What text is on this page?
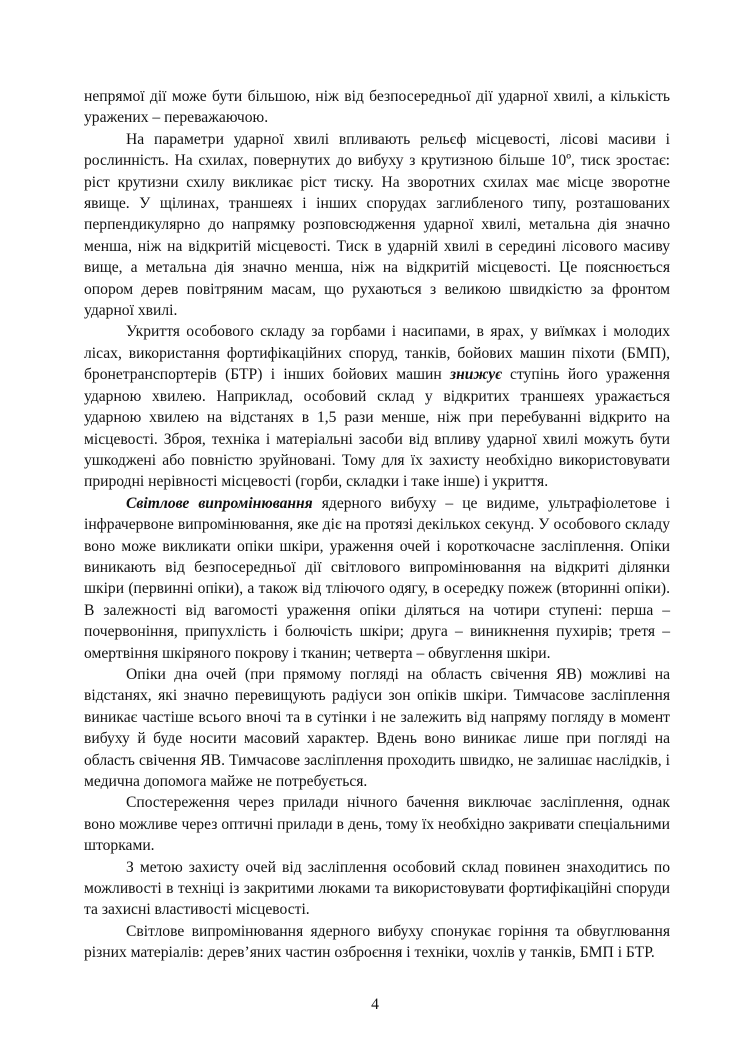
непрямої дії може бути більшою, ніж від безпосередньої дії ударної хвилі, а кількість уражених – переважаючою.

На параметри ударної хвилі впливають рельєф місцевості, лісові масиви і рослинність. На схилах, повернутих до вибуху з крутизною більше 10º, тиск зростає: ріст крутизни схилу викликає ріст тиску. На зворотних схилах має місце зворотне явище. У щілинах, траншеях і інших спорудах заглибленого типу, розташованих перпендикулярно до напрямку розповсюдження ударної хвилі, метальна дія значно менша, ніж на відкритій місцевості. Тиск в ударній хвилі в середині лісового масиву вище, а метальна дія значно менша, ніж на відкритій місцевості. Це пояснюється опором дерев повітряним масам, що рухаються з великою швидкістю за фронтом ударної хвилі.

Укриття особового складу за горбами і насипами, в ярах, у виїмках і молодих лісах, використання фортифікаційних споруд, танків, бойових машин піхоти (БМП), бронетранспортерів (БТР) і інших бойових машин знижує ступінь його ураження ударною хвилею. Наприклад, особовий склад у відкритих траншеях уражається ударною хвилею на відстанях в 1,5 рази менше, ніж при перебуванні відкрито на місцевості. Зброя, техніка і матеріальні засоби від впливу ударної хвилі можуть бути ушкоджені або повністю зруйновані. Тому для їх захисту необхідно використовувати природні нерівності місцевості (горби, складки і таке інше) і укриття.

Світлове випромінювання ядерного вибуху – це видиме, ультрафіолетове і інфрачервоне випромінювання, яке діє на протязі декількох секунд. У особового складу воно може викликати опіки шкіри, ураження очей і короткочасне засліплення. Опіки виникають від безпосередньої дії світлового випромінювання на відкриті ділянки шкіри (первинні опіки), а також від тліючого одягу, в осередку пожеж (вторинні опіки). В залежності від вагомості ураження опіки діляться на чотири ступені: перша – почервоніння, припухлість і болючість шкіри; друга – виникнення пухирів; третя – омертвіння шкіряного покрову і тканин; четверта – обвуглення шкіри.

Опіки дна очей (при прямому погляді на область свічення ЯВ) можливі на відстанях, які значно перевищують радіуси зон опіків шкіри. Тимчасове засліплення виникає частіше всього вночі та в сутінки і не залежить від напряму погляду в момент вибуху й буде носити масовий характер. Вдень воно виникає лише при погляді на область свічення ЯВ. Тимчасове засліплення проходить швидко, не залишає наслідків, і медична допомога майже не потребується.

Спостереження через прилади нічного бачення виключає засліплення, однак воно можливе через оптичні прилади в день, тому їх необхідно закривати спеціальними шторками.

З метою захисту очей від засліплення особовий склад повинен знаходитись по можливості в техніці із закритими люками та використовувати фортифікаційні споруди та захисні властивості місцевості.

Світлове випромінювання ядерного вибуху спонукає горіння та обвуглювання різних матеріалів: дерев’яних частин озброєння і техніки, чохлів у танків, БМП і БТР.

4
